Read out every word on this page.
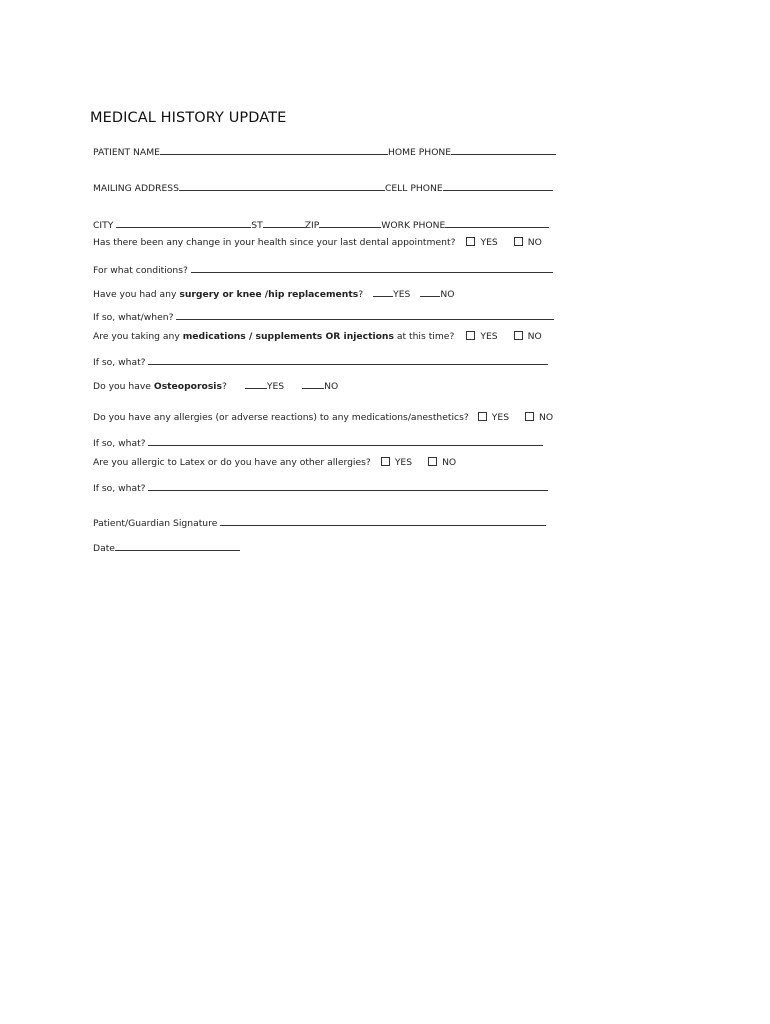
MEDICAL HISTORY UPDATE
PATIENT NAME	HOME PHONE
MAILING ADDRESS	CELL PHONE
CITY	ST	ZIP	WORK PHONE
Has there been any change in your health since your last dental appointment?	YES	NO
For what conditions?
Have you had any surgery or knee /hip replacements?	YES	NO
If so, what/when?
Are you taking any medications / supplements OR injections at this time?	YES	NO
If so, what?
Do you have Osteoporosis?	YES	NO
Do you have any allergies (or adverse reactions) to any medications/anesthetics?	YES	NO
If so, what?
Are you allergic to Latex or do you have any other allergies?	YES	NO
If so, what?
Patient/Guardian Signature
Date
